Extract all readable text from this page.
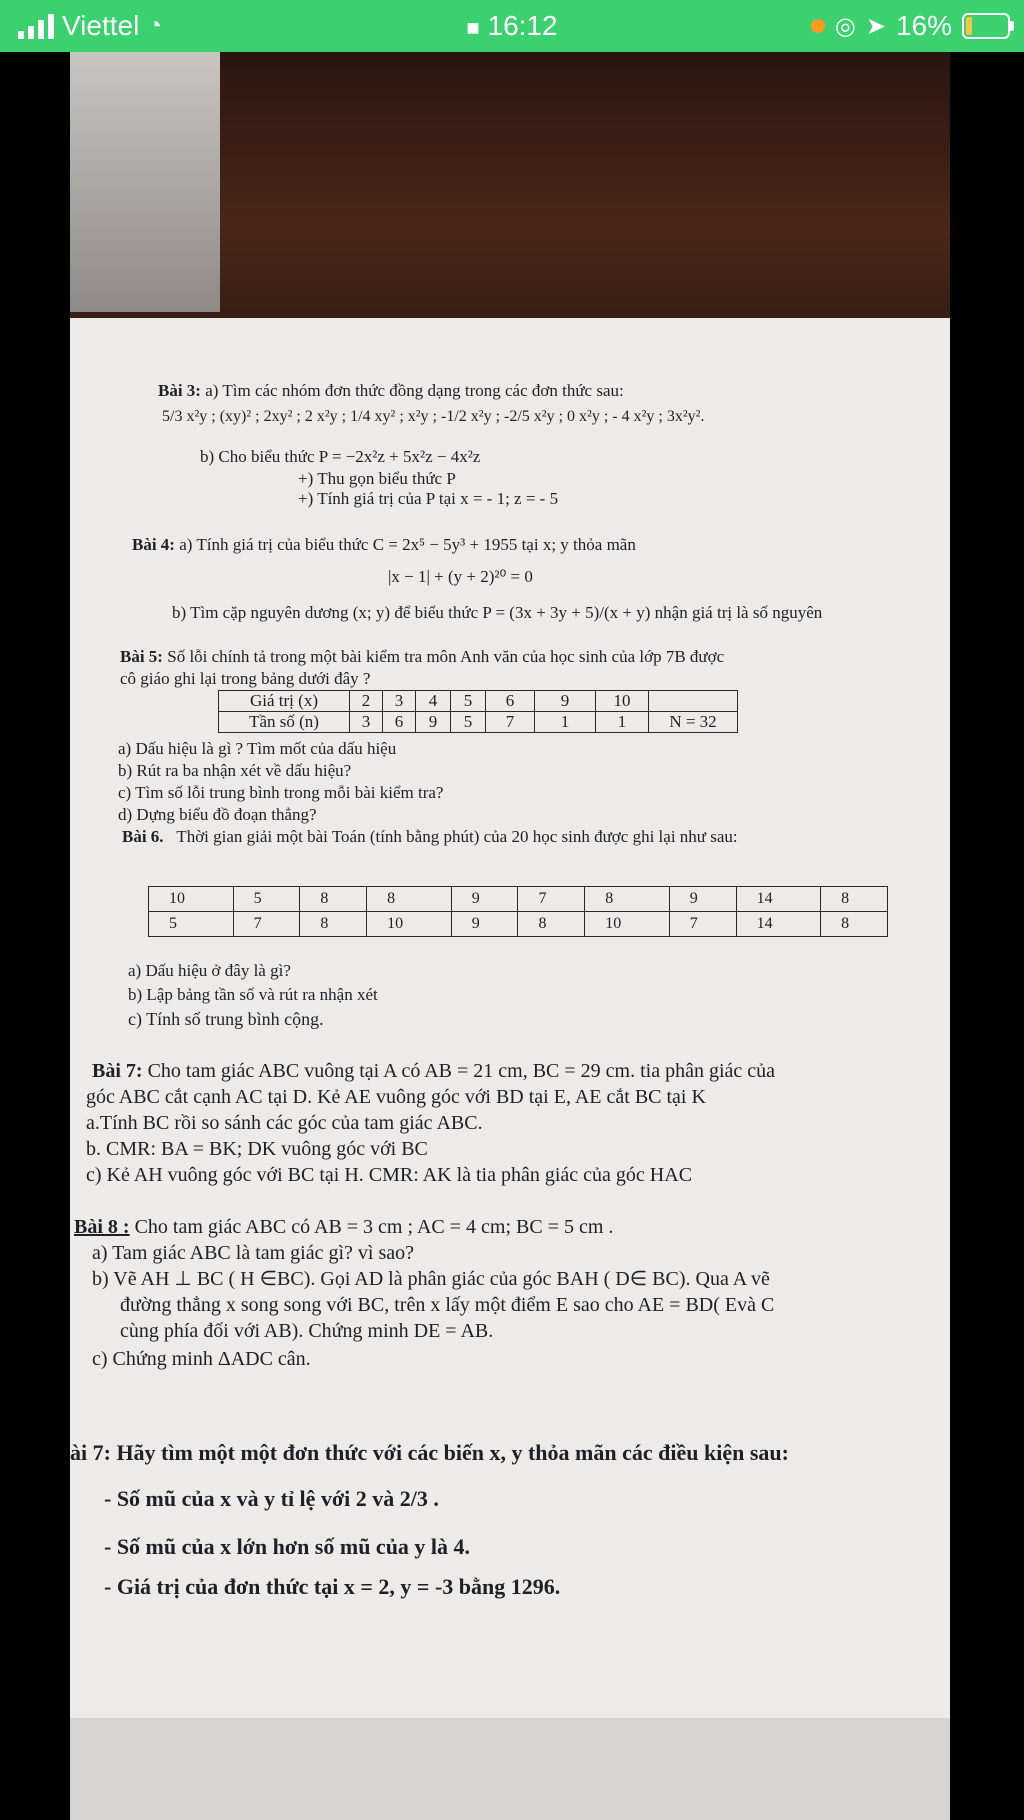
Viettel ◔	■ 16:12	◎ ➤ 16%
Bài 3: a) Tìm các nhóm đơn thức đồng dạng trong các đơn thức sau:
5/3 x²y ; (xy)² ; 2xy² ; 2 x²y ; 1/4 xy² ; x²y ; -1/2 x²y ; -2/5 x²y ; 0 x²y ; - 4 x²y ; 3x²y².
b) Cho biểu thức P = −2x²z + 5x²z − 4x²z
+) Thu gọn biểu thức P
+) Tính giá trị của P tại x = - 1; z = - 5
Bài 4: a) Tính giá trị của biểu thức C = 2x⁵ − 5y³ + 1955 tại x; y thỏa mãn
|x − 1| + (y + 2)²⁰ = 0
b) Tìm cặp nguyên dương (x; y) để biểu thức P = (3x + 3y + 5)/(x + y) nhận giá trị là số nguyên
Bài 5: Số lỗi chính tả trong một bài kiểm tra môn Anh văn của học sinh của lớp 7B được
cô giáo ghi lại trong bảng dưới đây ?
Giá trị (x)	2	3	4	5	6	9	10	
Tần số (n)	3	6	9	5	7	1	1	N = 32
a) Dấu hiệu là gì ? Tìm mốt của dấu hiệu
b) Rút ra ba nhận xét về dấu hiệu?
c) Tìm số lỗi trung bình trong mỗi bài kiểm tra?
d) Dựng biểu đồ đoạn thẳng?
Bài 6. Thời gian giải một bài Toán (tính bằng phút) của 20 học sinh được ghi lại như sau:
10	5	8	8	9	7	8	9	14	8
5	7	8	10	9	8	10	7	14	8
a) Dấu hiệu ở đây là gì?
b) Lập bảng tần số và rút ra nhận xét
c) Tính số trung bình cộng.
Bài 7: Cho tam giác ABC vuông tại A có AB = 21 cm, BC = 29 cm. tia phân giác của
góc ABC cắt cạnh AC tại D. Kẻ AE vuông góc với BD tại E, AE cắt BC tại K
a.Tính BC rồi so sánh các góc của tam giác ABC.
b. CMR: BA = BK; DK vuông góc với BC
c) Kẻ AH vuông góc với BC tại H. CMR: AK là tia phân giác của góc HAC
Bài 8 : Cho tam giác ABC có AB = 3 cm ; AC = 4 cm; BC = 5 cm .
a) Tam giác ABC là tam giác gì? vì sao?
b) Vẽ AH ⊥ BC ( H ∈BC). Gọi AD là phân giác của góc BAH ( D∈ BC). Qua A vẽ
đường thẳng x song song với BC, trên x lấy một điểm E sao cho AE = BD( Evà C
cùng phía đối với AB). Chứng minh DE = AB.
c) Chứng minh ΔADC cân.
ài 7: Hãy tìm một một đơn thức với các biến x, y thỏa mãn các điều kiện sau:
- Số mũ của x và y tỉ lệ với 2 và 2/3 .
- Số mũ của x lớn hơn số mũ của y là 4.
- Giá trị của đơn thức tại x = 2, y = -3 bằng 1296.
